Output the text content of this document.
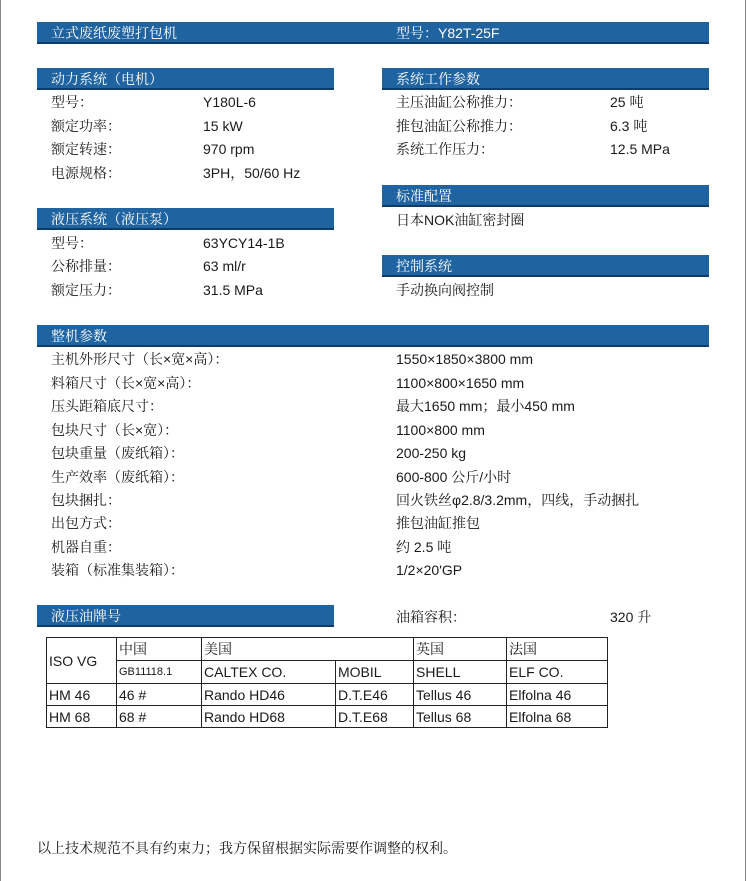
立式废纸废塑打包机	型号：Y82T-25F
动力系统（电机）
型号：	Y180L-6
额定功率：	15 kW
额定转速：	970 rpm
电源规格：	3PH，50/60 Hz
液压系统（液压泵）
型号：	63YCY14-1B
公称排量：	63 ml/r
额定压力：	31.5 MPa
系统工作参数
主压油缸公称推力：	25 吨
推包油缸公称推力：	6.3 吨
系统工作压力：	12.5 MPa
标准配置
日本NOK油缸密封圈
控制系统
手动换向阀控制
整机参数
主机外形尺寸（长×宽×高）：	1550×1850×3800 mm
料箱尺寸（长×宽×高）：	1100×800×1650 mm
压头距箱底尺寸：	最大1650 mm；最小450 mm
包块尺寸（长×宽）：	1100×800 mm
包块重量（废纸箱）：	200-250 kg
生产效率（废纸箱）：	600-800 公斤/小时
包块捆扎：	回火铁丝φ2.8/3.2mm，四线，手动捆扎
出包方式：	推包油缸推包
机器自重：	约 2.5 吨
装箱（标准集装箱）：	1/2×20'GP
液压油牌号	油箱容积：	320 升
ISO VG	中国	美国		英国	法国
	GB11118.1	CALTEX CO.	MOBIL	SHELL	ELF CO.
HM 46	46 #	Rando HD46	D.T.E46	Tellus 46	Elfolna 46
HM 68	68 #	Rando HD68	D.T.E68	Tellus 68	Elfolna 68
以上技术规范不具有约束力；我方保留根据实际需要作调整的权利。
